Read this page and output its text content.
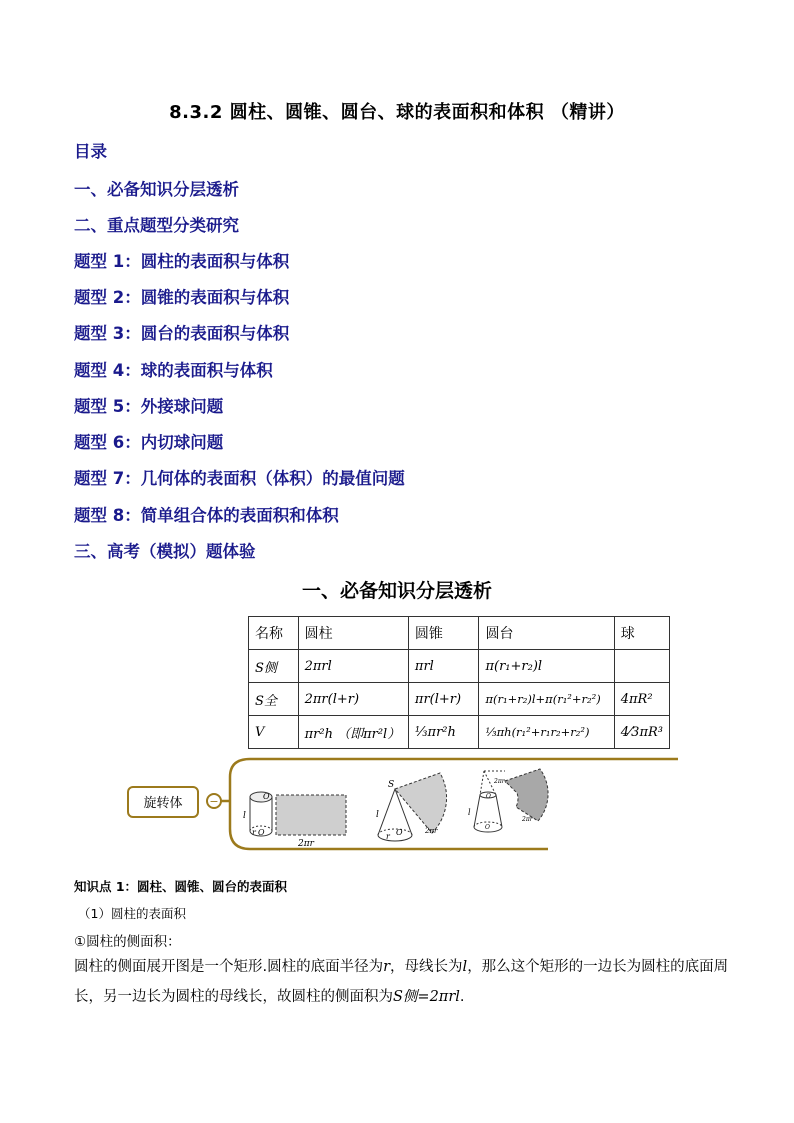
8.3.2 圆柱、圆锥、圆台、球的表面积和体积 （精讲）
目录
一、必备知识分层透析
二、重点题型分类研究
题型 1：圆柱的表面积与体积
题型 2：圆锥的表面积与体积
题型 3：圆台的表面积与体积
题型 4：球的表面积与体积
题型 5：外接球问题
题型 6：内切球问题
题型 7：几何体的表面积（体积）的最值问题
题型 8：简单组合体的表面积和体积
三、高考（模拟）题体验
一、必备知识分层透析
名称	圆柱	圆锥	圆台	球
S侧	2πrl	πrl	π(r₁+r₂)l	
S全	2πr(l+r)	πr(l+r)	π(r₁+r₂)l+π(r₁²+r₂²)	4πR²
V	πr²h （即πr²l）	⅓πr²h	⅓πh(r₁²+r₁r₂+r₂²)	4⁄3πR³
旋转体 −	O
O
r
l
2πr
S
l
O
r
2πr
2πr₁
2πr
l
O
O
知识点 1：圆柱、圆锥、圆台的表面积
（1）圆柱的表面积
①圆柱的侧面积：
圆柱的侧面展开图是一个矩形.圆柱的底面半径为r，母线长为l，那么这个矩形的一边长为圆柱的底面周长，另一边长为圆柱的母线长，故圆柱的侧面积为S侧=2πrl.
